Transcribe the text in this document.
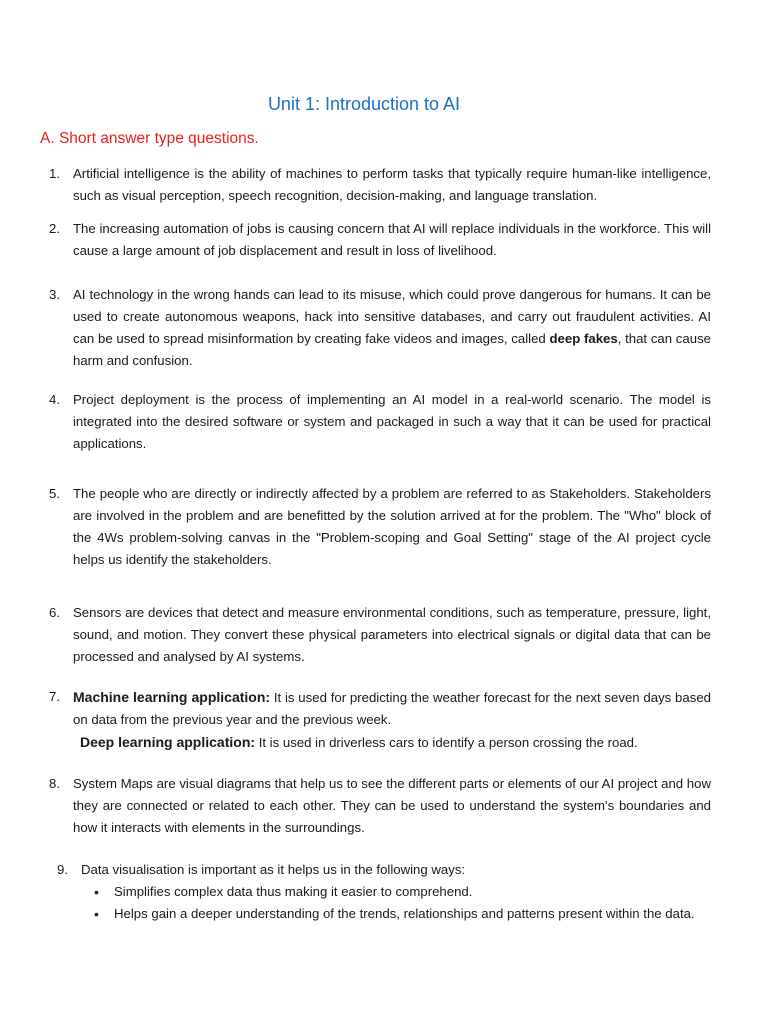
Unit 1: Introduction to AI
A. Short answer type questions.
1. Artificial intelligence is the ability of machines to perform tasks that typically require human-like intelligence, such as visual perception, speech recognition, decision-making, and language translation.
2. The increasing automation of jobs is causing concern that AI will replace individuals in the workforce. This will cause a large amount of job displacement and result in loss of livelihood.
3. AI technology in the wrong hands can lead to its misuse, which could prove dangerous for humans. It can be used to create autonomous weapons, hack into sensitive databases, and carry out fraudulent activities. AI can be used to spread misinformation by creating fake videos and images, called deep fakes, that can cause harm and confusion.
4. Project deployment is the process of implementing an AI model in a real-world scenario. The model is integrated into the desired software or system and packaged in such a way that it can be used for practical applications.
5. The people who are directly or indirectly affected by a problem are referred to as Stakeholders. Stakeholders are involved in the problem and are benefitted by the solution arrived at for the problem. The "Who" block of the 4Ws problem-solving canvas in the "Problem-scoping and Goal Setting" stage of the AI project cycle helps us identify the stakeholders.
6. Sensors are devices that detect and measure environmental conditions, such as temperature, pressure, light, sound, and motion. They convert these physical parameters into electrical signals or digital data that can be processed and analysed by AI systems.
7. Machine learning application: It is used for predicting the weather forecast for the next seven days based on data from the previous year and the previous week.
Deep learning application: It is used in driverless cars to identify a person crossing the road.
8. System Maps are visual diagrams that help us to see the different parts or elements of our AI project and how they are connected or related to each other. They can be used to understand the system's boundaries and how it interacts with elements in the surroundings.
9. Data visualisation is important as it helps us in the following ways:
• Simplifies complex data thus making it easier to comprehend.
• Helps gain a deeper understanding of the trends, relationships and patterns present within the data.
